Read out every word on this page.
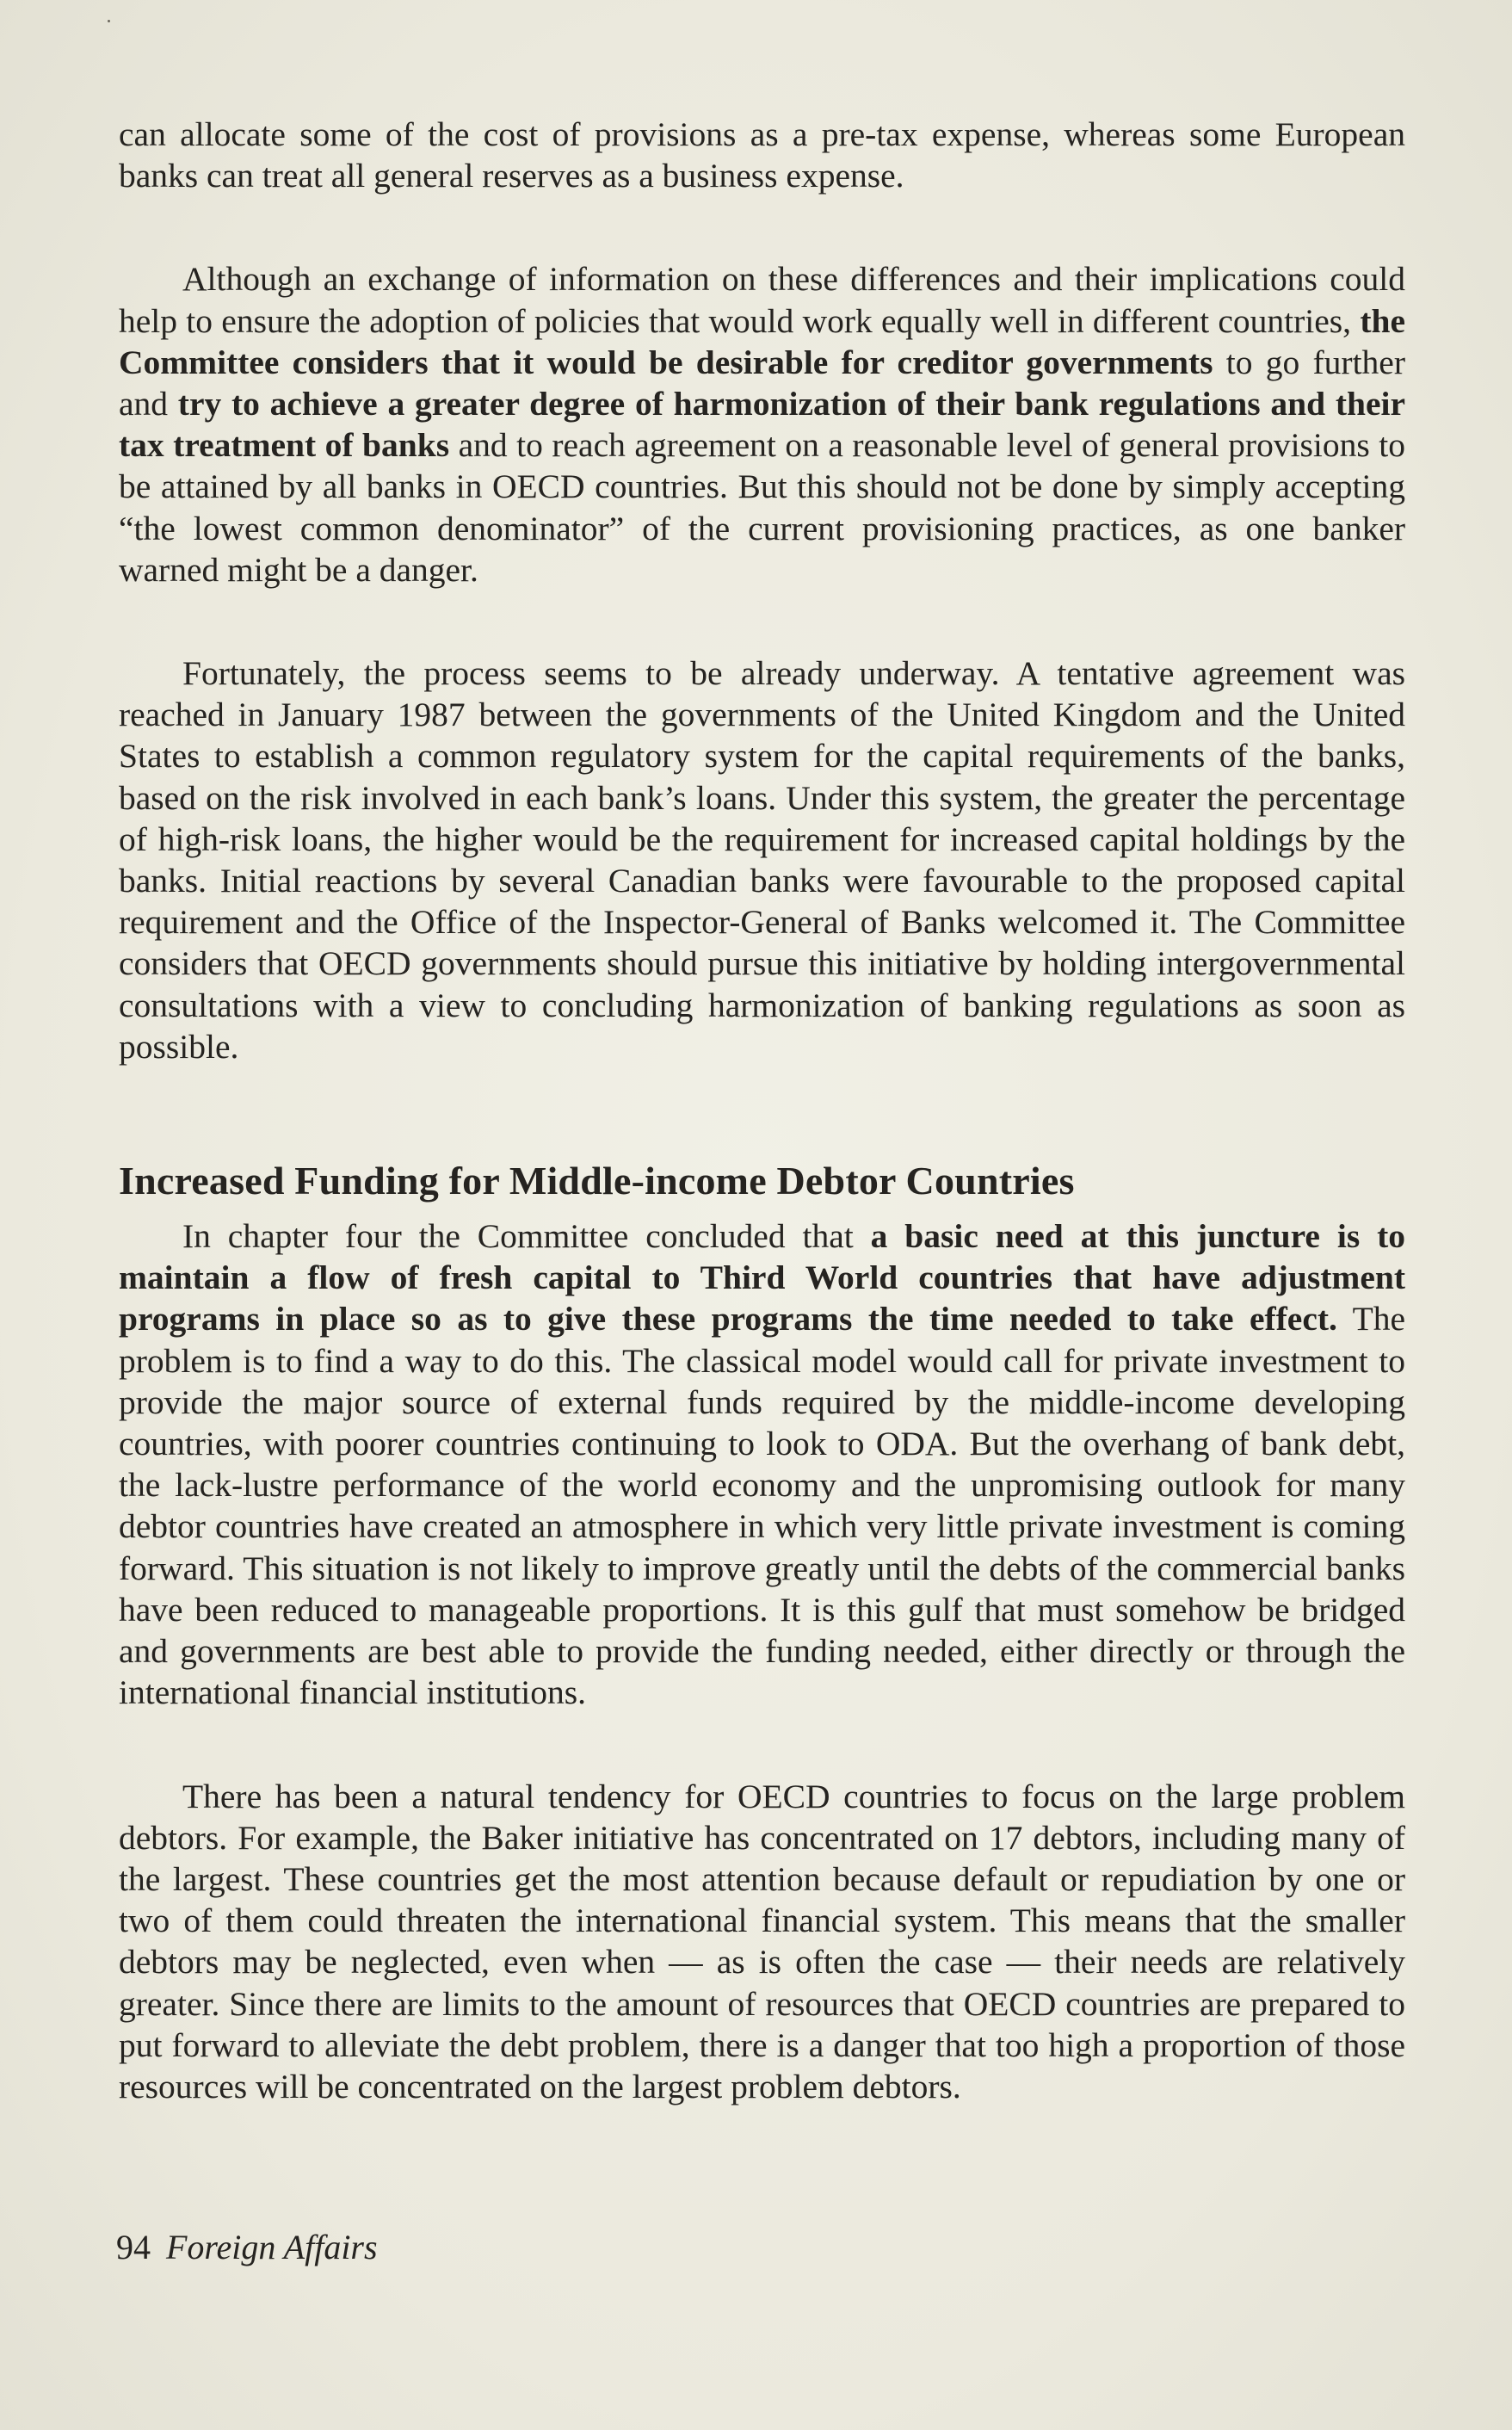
can allocate some of the cost of provisions as a pre-tax expense, whereas some European banks can treat all general reserves as a business expense.

Although an exchange of information on these differences and their implications could help to ensure the adoption of policies that would work equally well in different countries, the Committee considers that it would be desirable for creditor governments to go further and try to achieve a greater degree of harmonization of their bank regulations and their tax treatment of banks and to reach agreement on a reasonable level of general provisions to be attained by all banks in OECD countries. But this should not be done by simply accepting “the lowest common denominator” of the current provisioning practices, as one banker warned might be a danger.

Fortunately, the process seems to be already underway. A tentative agreement was reached in January 1987 between the governments of the United Kingdom and the United States to establish a common regulatory system for the capital requirements of the banks, based on the risk involved in each bank’s loans. Under this system, the greater the percentage of high-risk loans, the higher would be the requirement for increased capital holdings by the banks. Initial reactions by several Canadian banks were favourable to the proposed capital requirement and the Office of the Inspector-General of Banks welcomed it. The Committee considers that OECD governments should pursue this initiative by holding intergovernmental consultations with a view to concluding harmonization of banking regulations as soon as possible.

Increased Funding for Middle-income Debtor Countries

In chapter four the Committee concluded that a basic need at this juncture is to maintain a flow of fresh capital to Third World countries that have adjustment programs in place so as to give these programs the time needed to take effect. The problem is to find a way to do this. The classical model would call for private investment to provide the major source of external funds required by the middle-income developing countries, with poorer countries continuing to look to ODA. But the overhang of bank debt, the lack-lustre performance of the world economy and the unpromising outlook for many debtor countries have created an atmosphere in which very little private investment is coming forward. This situation is not likely to improve greatly until the debts of the commercial banks have been reduced to manageable proportions. It is this gulf that must somehow be bridged and governments are best able to provide the funding needed, either directly or through the international financial institutions.

There has been a natural tendency for OECD countries to focus on the large problem debtors. For example, the Baker initiative has concentrated on 17 debtors, including many of the largest. These countries get the most attention because default or repudiation by one or two of them could threaten the international financial system. This means that the smaller debtors may be neglected, even when — as is often the case — their needs are relatively greater. Since there are limits to the amount of resources that OECD countries are prepared to put forward to alleviate the debt problem, there is a danger that too high a proportion of those resources will be concentrated on the largest problem debtors.

94 Foreign Affairs
